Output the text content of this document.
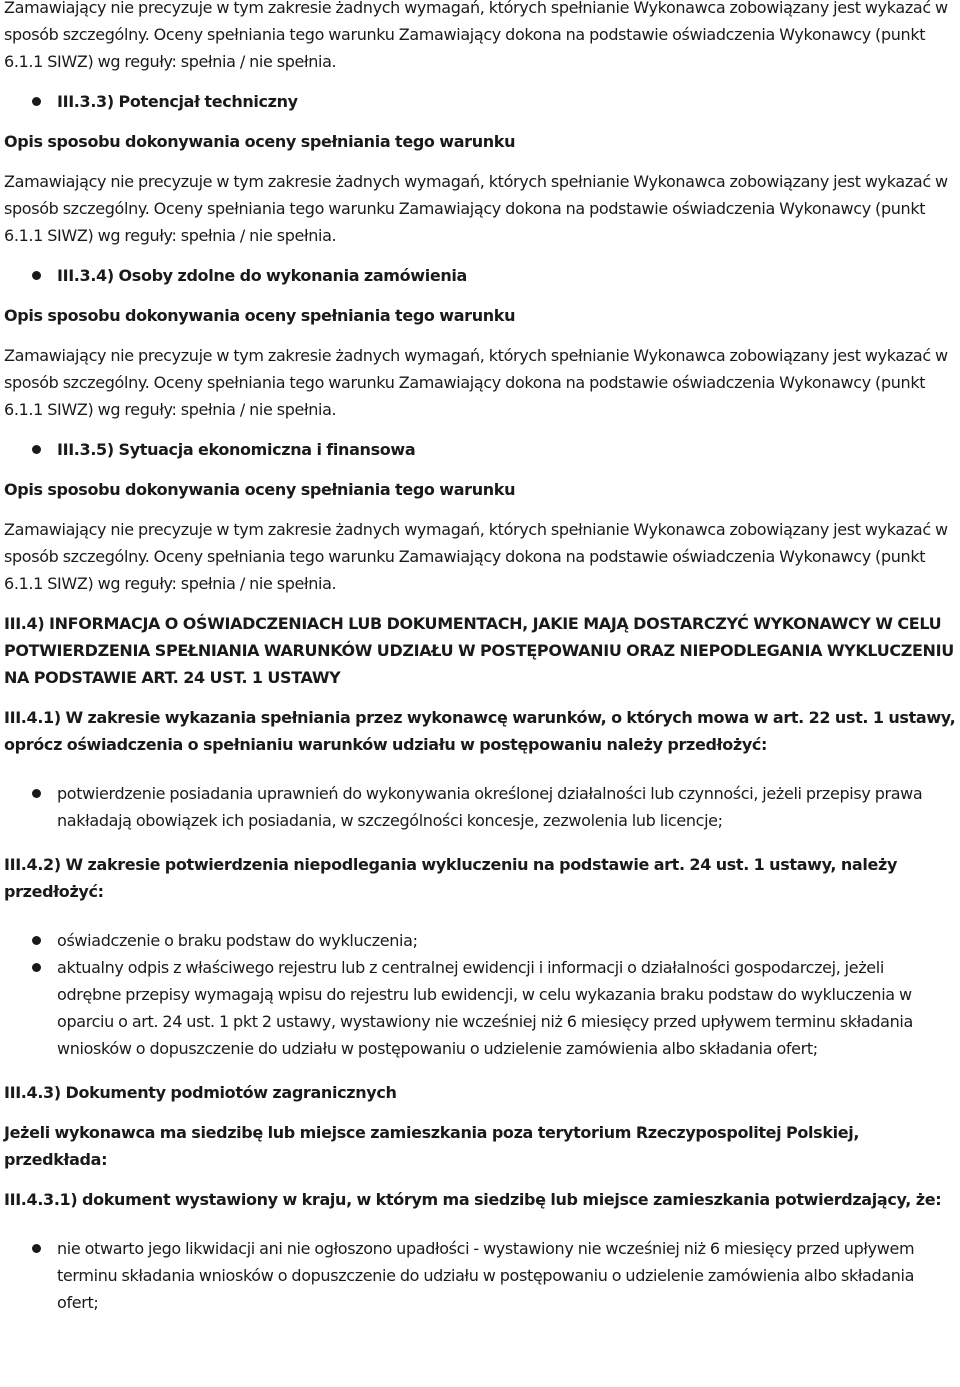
Zamawiający nie precyzuje w tym zakresie żadnych wymagań, których spełnianie Wykonawca zobowiązany jest wykazać w sposób szczególny. Oceny spełniania tego warunku Zamawiający dokona na podstawie oświadczenia Wykonawcy (punkt 6.1.1 SIWZ) wg reguły: spełnia / nie spełnia.

III.3.3) Potencjał techniczny

Opis sposobu dokonywania oceny spełniania tego warunku

Zamawiający nie precyzuje w tym zakresie żadnych wymagań, których spełnianie Wykonawca zobowiązany jest wykazać w sposób szczególny. Oceny spełniania tego warunku Zamawiający dokona na podstawie oświadczenia Wykonawcy (punkt 6.1.1 SIWZ) wg reguły: spełnia / nie spełnia.

III.3.4) Osoby zdolne do wykonania zamówienia

Opis sposobu dokonywania oceny spełniania tego warunku

Zamawiający nie precyzuje w tym zakresie żadnych wymagań, których spełnianie Wykonawca zobowiązany jest wykazać w sposób szczególny. Oceny spełniania tego warunku Zamawiający dokona na podstawie oświadczenia Wykonawcy (punkt 6.1.1 SIWZ) wg reguły: spełnia / nie spełnia.

III.3.5) Sytuacja ekonomiczna i finansowa

Opis sposobu dokonywania oceny spełniania tego warunku

Zamawiający nie precyzuje w tym zakresie żadnych wymagań, których spełnianie Wykonawca zobowiązany jest wykazać w sposób szczególny. Oceny spełniania tego warunku Zamawiający dokona na podstawie oświadczenia Wykonawcy (punkt 6.1.1 SIWZ) wg reguły: spełnia / nie spełnia.

III.4) INFORMACJA O OŚWIADCZENIACH LUB DOKUMENTACH, JAKIE MAJĄ DOSTARCZYĆ WYKONAWCY W CELU POTWIERDZENIA SPEŁNIANIA WARUNKÓW UDZIAŁU W POSTĘPOWANIU ORAZ NIEPODLEGANIA WYKLUCZENIU NA PODSTAWIE ART. 24 UST. 1 USTAWY

III.4.1) W zakresie wykazania spełniania przez wykonawcę warunków, o których mowa w art. 22 ust. 1 ustawy, oprócz oświadczenia o spełnianiu warunków udziału w postępowaniu należy przedłożyć:

potwierdzenie posiadania uprawnień do wykonywania określonej działalności lub czynności, jeżeli przepisy prawa nakładają obowiązek ich posiadania, w szczególności koncesje, zezwolenia lub licencje;

III.4.2) W zakresie potwierdzenia niepodlegania wykluczeniu na podstawie art. 24 ust. 1 ustawy, należy przedłożyć:

oświadczenie o braku podstaw do wykluczenia;
aktualny odpis z właściwego rejestru lub z centralnej ewidencji i informacji o działalności gospodarczej, jeżeli odrębne przepisy wymagają wpisu do rejestru lub ewidencji, w celu wykazania braku podstaw do wykluczenia w oparciu o art. 24 ust. 1 pkt 2 ustawy, wystawiony nie wcześniej niż 6 miesięcy przed upływem terminu składania wniosków o dopuszczenie do udziału w postępowaniu o udzielenie zamówienia albo składania ofert;

III.4.3) Dokumenty podmiotów zagranicznych

Jeżeli wykonawca ma siedzibę lub miejsce zamieszkania poza terytorium Rzeczypospolitej Polskiej, przedkłada:

III.4.3.1) dokument wystawiony w kraju, w którym ma siedzibę lub miejsce zamieszkania potwierdzający, że:

nie otwarto jego likwidacji ani nie ogłoszono upadłości - wystawiony nie wcześniej niż 6 miesięcy przed upływem terminu składania wniosków o dopuszczenie do udziału w postępowaniu o udzielenie zamówienia albo składania ofert;
